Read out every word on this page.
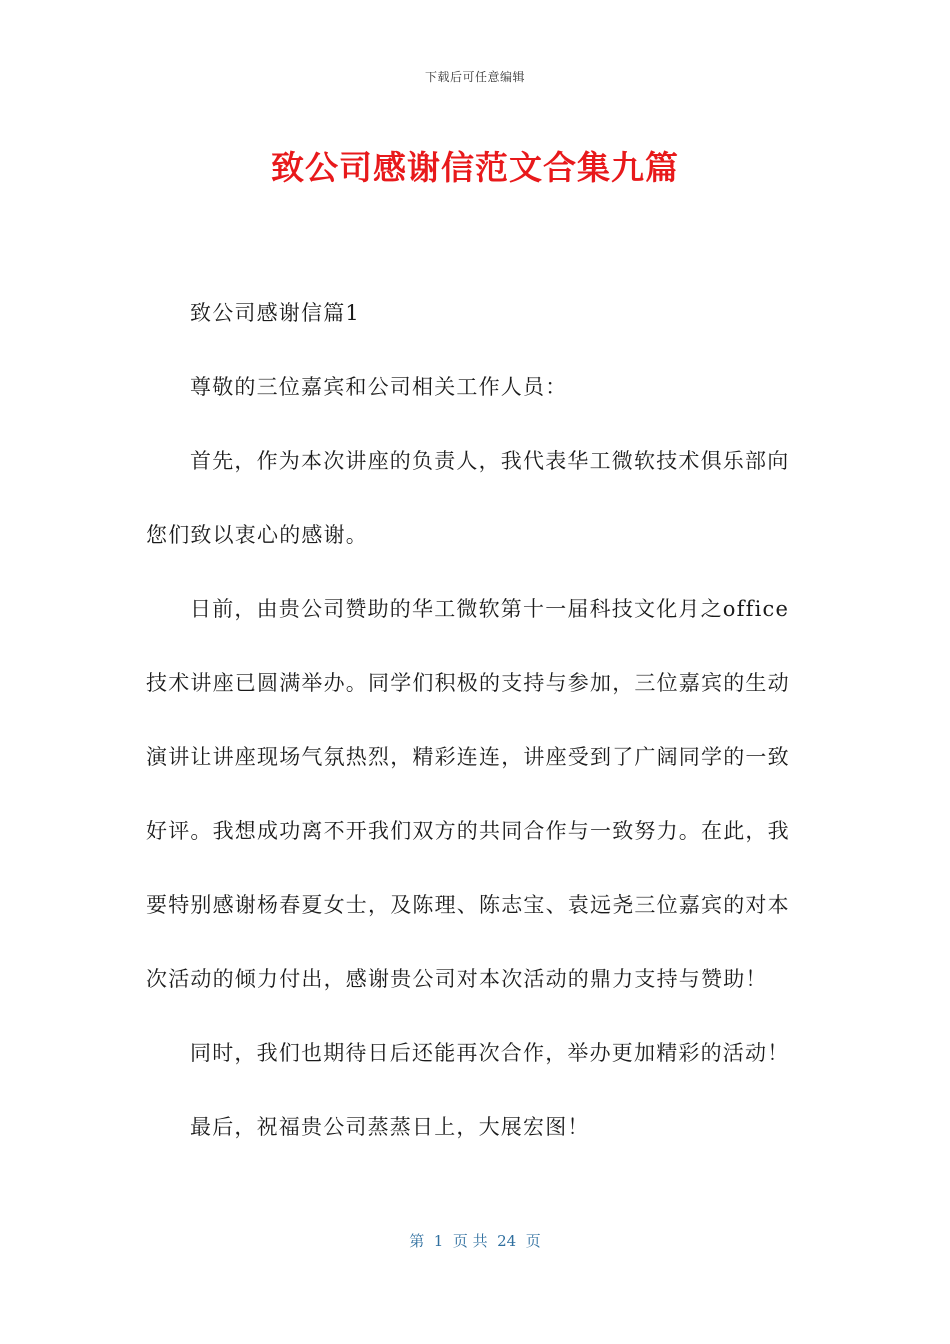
下载后可任意编辑
致公司感谢信范文合集九篇

致公司感谢信篇1

尊敬的三位嘉宾和公司相关工作人员：

首先，作为本次讲座的负责人，我代表华工微软技术俱乐部向您们致以衷心的感谢。

日前，由贵公司赞助的华工微软第十一届科技文化月之office技术讲座已圆满举办。同学们积极的支持与参加，三位嘉宾的生动演讲让讲座现场气氛热烈，精彩连连，讲座受到了广阔同学的一致好评。我想成功离不开我们双方的共同合作与一致努力。在此，我要特别感谢杨春夏女士，及陈理、陈志宝、袁远尧三位嘉宾的对本次活动的倾力付出，感谢贵公司对本次活动的鼎力支持与赞助！

同时，我们也期待日后还能再次合作，举办更加精彩的活动！

最后，祝福贵公司蒸蒸日上，大展宏图！

第  1  页 共  24  页
